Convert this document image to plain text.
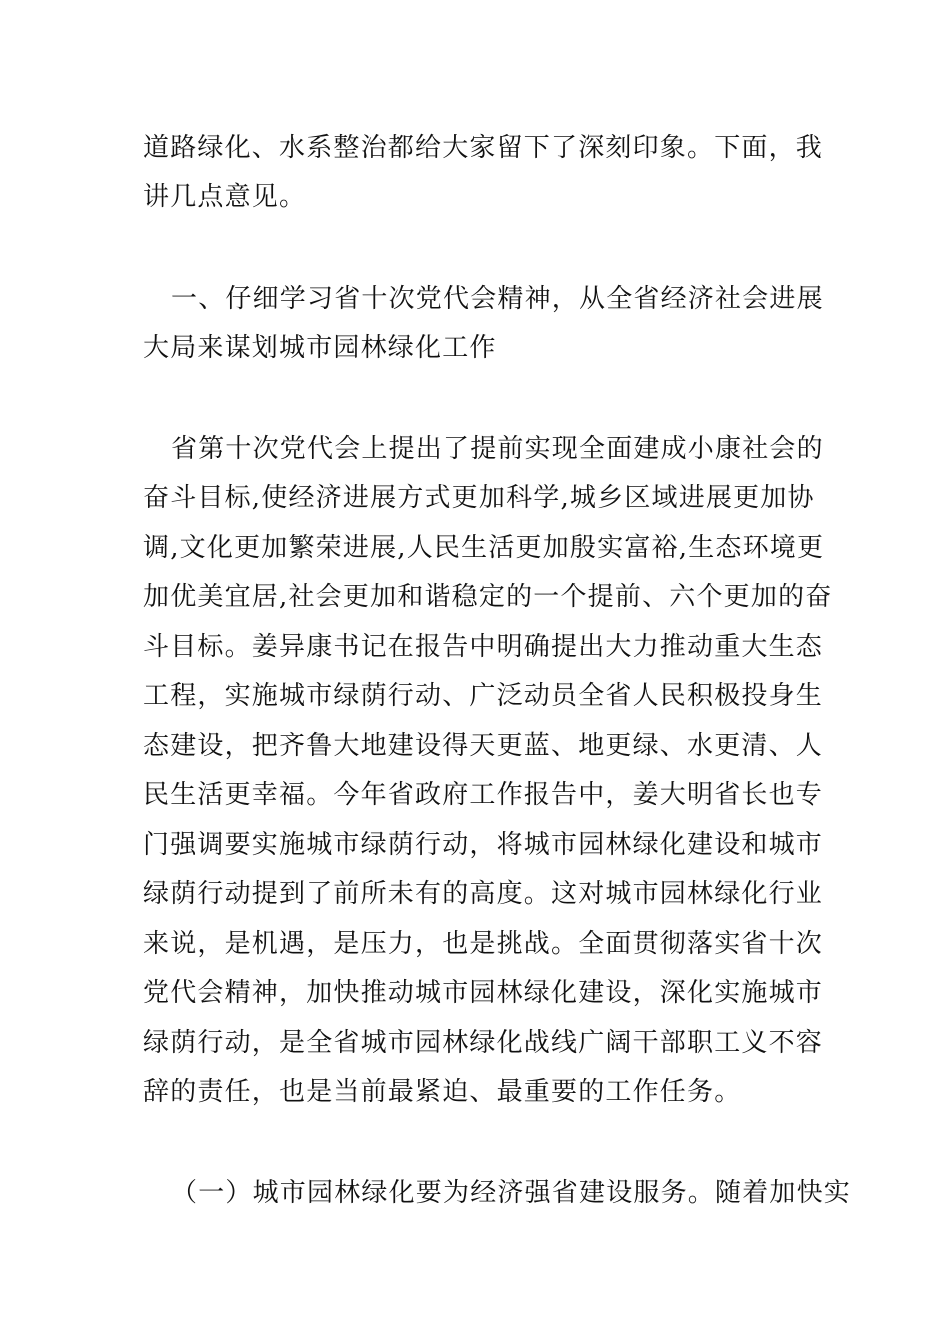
道路绿化、水系整治都给大家留下了深刻印象。下面，我

讲几点意见。

一、仔细学习省十次党代会精神，从全省经济社会进展

大局来谋划城市园林绿化工作

省第十次党代会上提出了提前实现全面建成小康社会的

奋斗目标,使经济进展方式更加科学,城乡区域进展更加协

调,文化更加繁荣进展,人民生活更加殷实富裕,生态环境更

加优美宜居,社会更加和谐稳定的一个提前、六个更加的奋

斗目标。姜异康书记在报告中明确提出大力推动重大生态

工程，实施城市绿荫行动、广泛动员全省人民积极投身生

态建设，把齐鲁大地建设得天更蓝、地更绿、水更清、人

民生活更幸福。今年省政府工作报告中，姜大明省长也专

门强调要实施城市绿荫行动，将城市园林绿化建设和城市

绿荫行动提到了前所未有的高度。这对城市园林绿化行业

来说，是机遇，是压力，也是挑战。全面贯彻落实省十次

党代会精神，加快推动城市园林绿化建设，深化实施城市

绿荫行动，是全省城市园林绿化战线广阔干部职工义不容

辞的责任，也是当前最紧迫、最重要的工作任务。

（一）城市园林绿化要为经济强省建设服务。随着加快实
